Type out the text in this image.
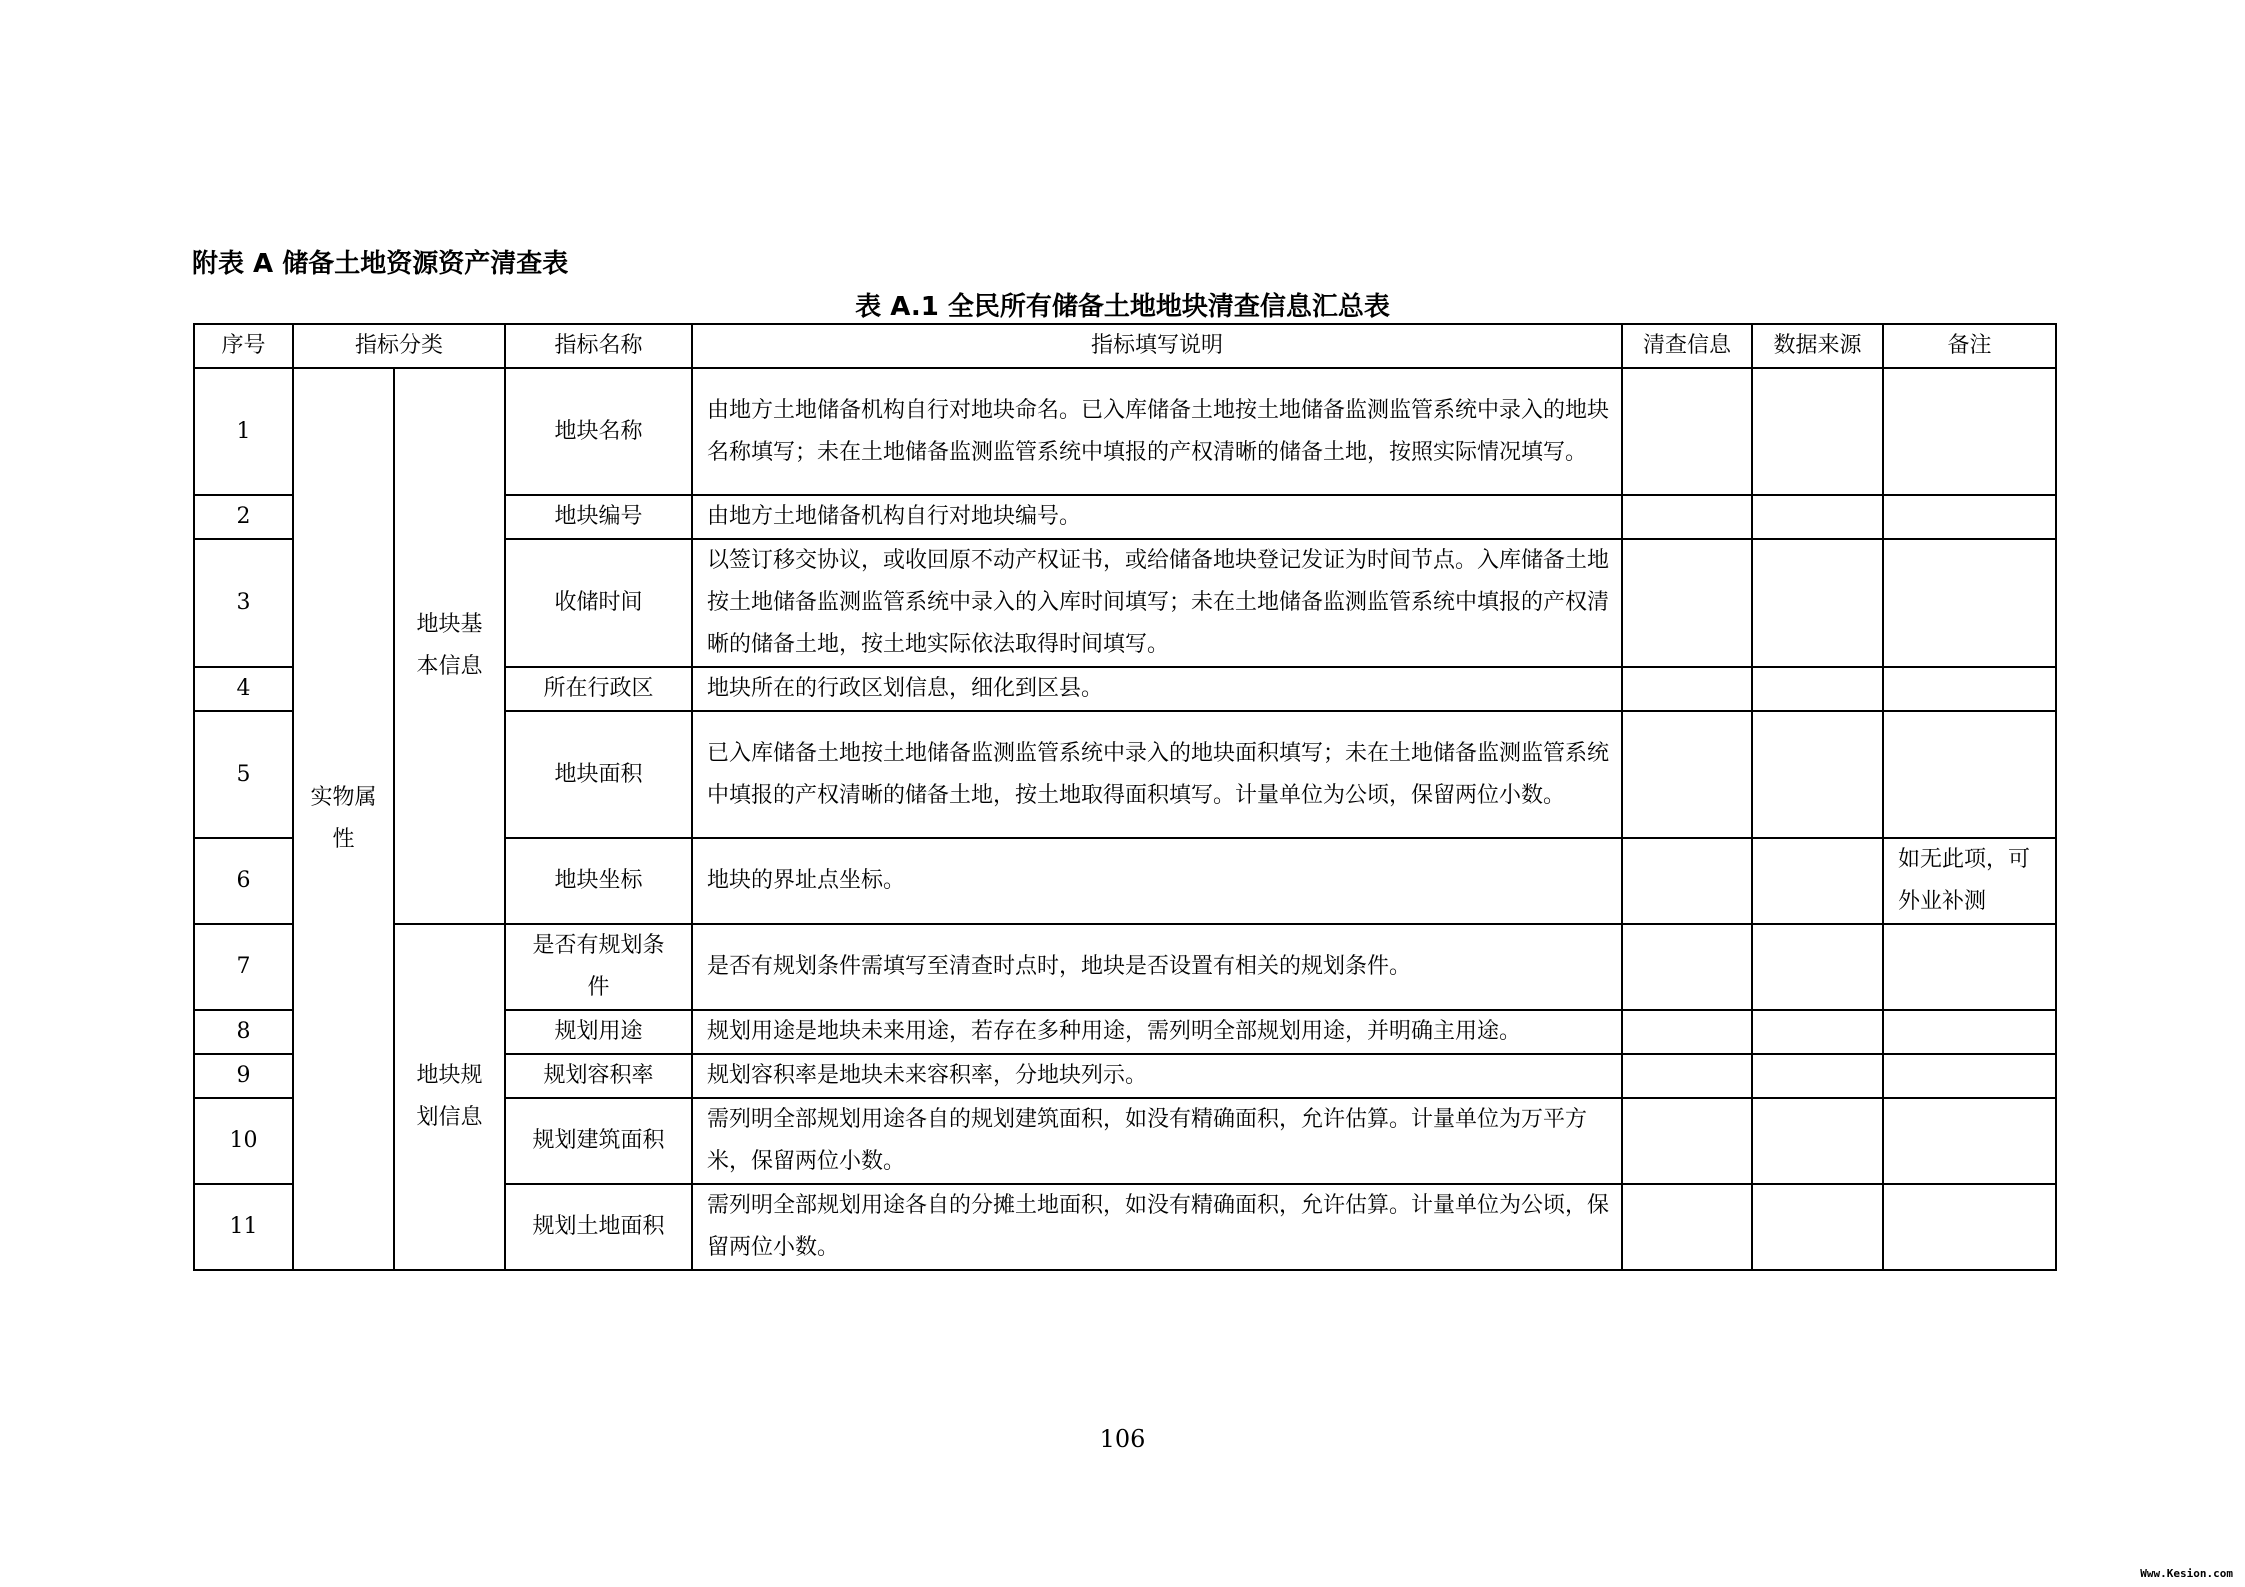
附表 A 储备土地资源资产清查表
表 A.1 全民所有储备土地地块清查信息汇总表
序号	指标分类		指标名称	指标填写说明	清查信息	数据来源	备注
1	实物属性	地块基本信息	地块名称	由地方土地储备机构自行对地块命名。已入库储备土地按土地储备监测监管系统中录入的地块名称填写；未在土地储备监测监管系统中填报的产权清晰的储备土地，按照实际情况填写。			
2			地块编号	由地方土地储备机构自行对地块编号。			
3			收储时间	以签订移交协议，或收回原不动产权证书，或给储备地块登记发证为时间节点。入库储备土地按土地储备监测监管系统中录入的入库时间填写；未在土地储备监测监管系统中填报的产权清晰的储备土地，按土地实际依法取得时间填写。			
4			所在行政区	地块所在的行政区划信息，细化到区县。			
5			地块面积	已入库储备土地按土地储备监测监管系统中录入的地块面积填写；未在土地储备监测监管系统中填报的产权清晰的储备土地，按土地取得面积填写。计量单位为公顷，保留两位小数。			
6			地块坐标	地块的界址点坐标。			如无此项，可外业补测
7		地块规划信息	是否有规划条件	是否有规划条件需填写至清查时点时，地块是否设置有相关的规划条件。			
8			规划用途	规划用途是地块未来用途，若存在多种用途，需列明全部规划用途，并明确主用途。			
9			规划容积率	规划容积率是地块未来容积率，分地块列示。			
10			规划建筑面积	需列明全部规划用途各自的规划建筑面积，如没有精确面积，允许估算。计量单位为万平方米，保留两位小数。			
11			规划土地面积	需列明全部规划用途各自的分摊土地面积，如没有精确面积，允许估算。计量单位为公顷，保留两位小数。			
106
Www.Kesion.com
